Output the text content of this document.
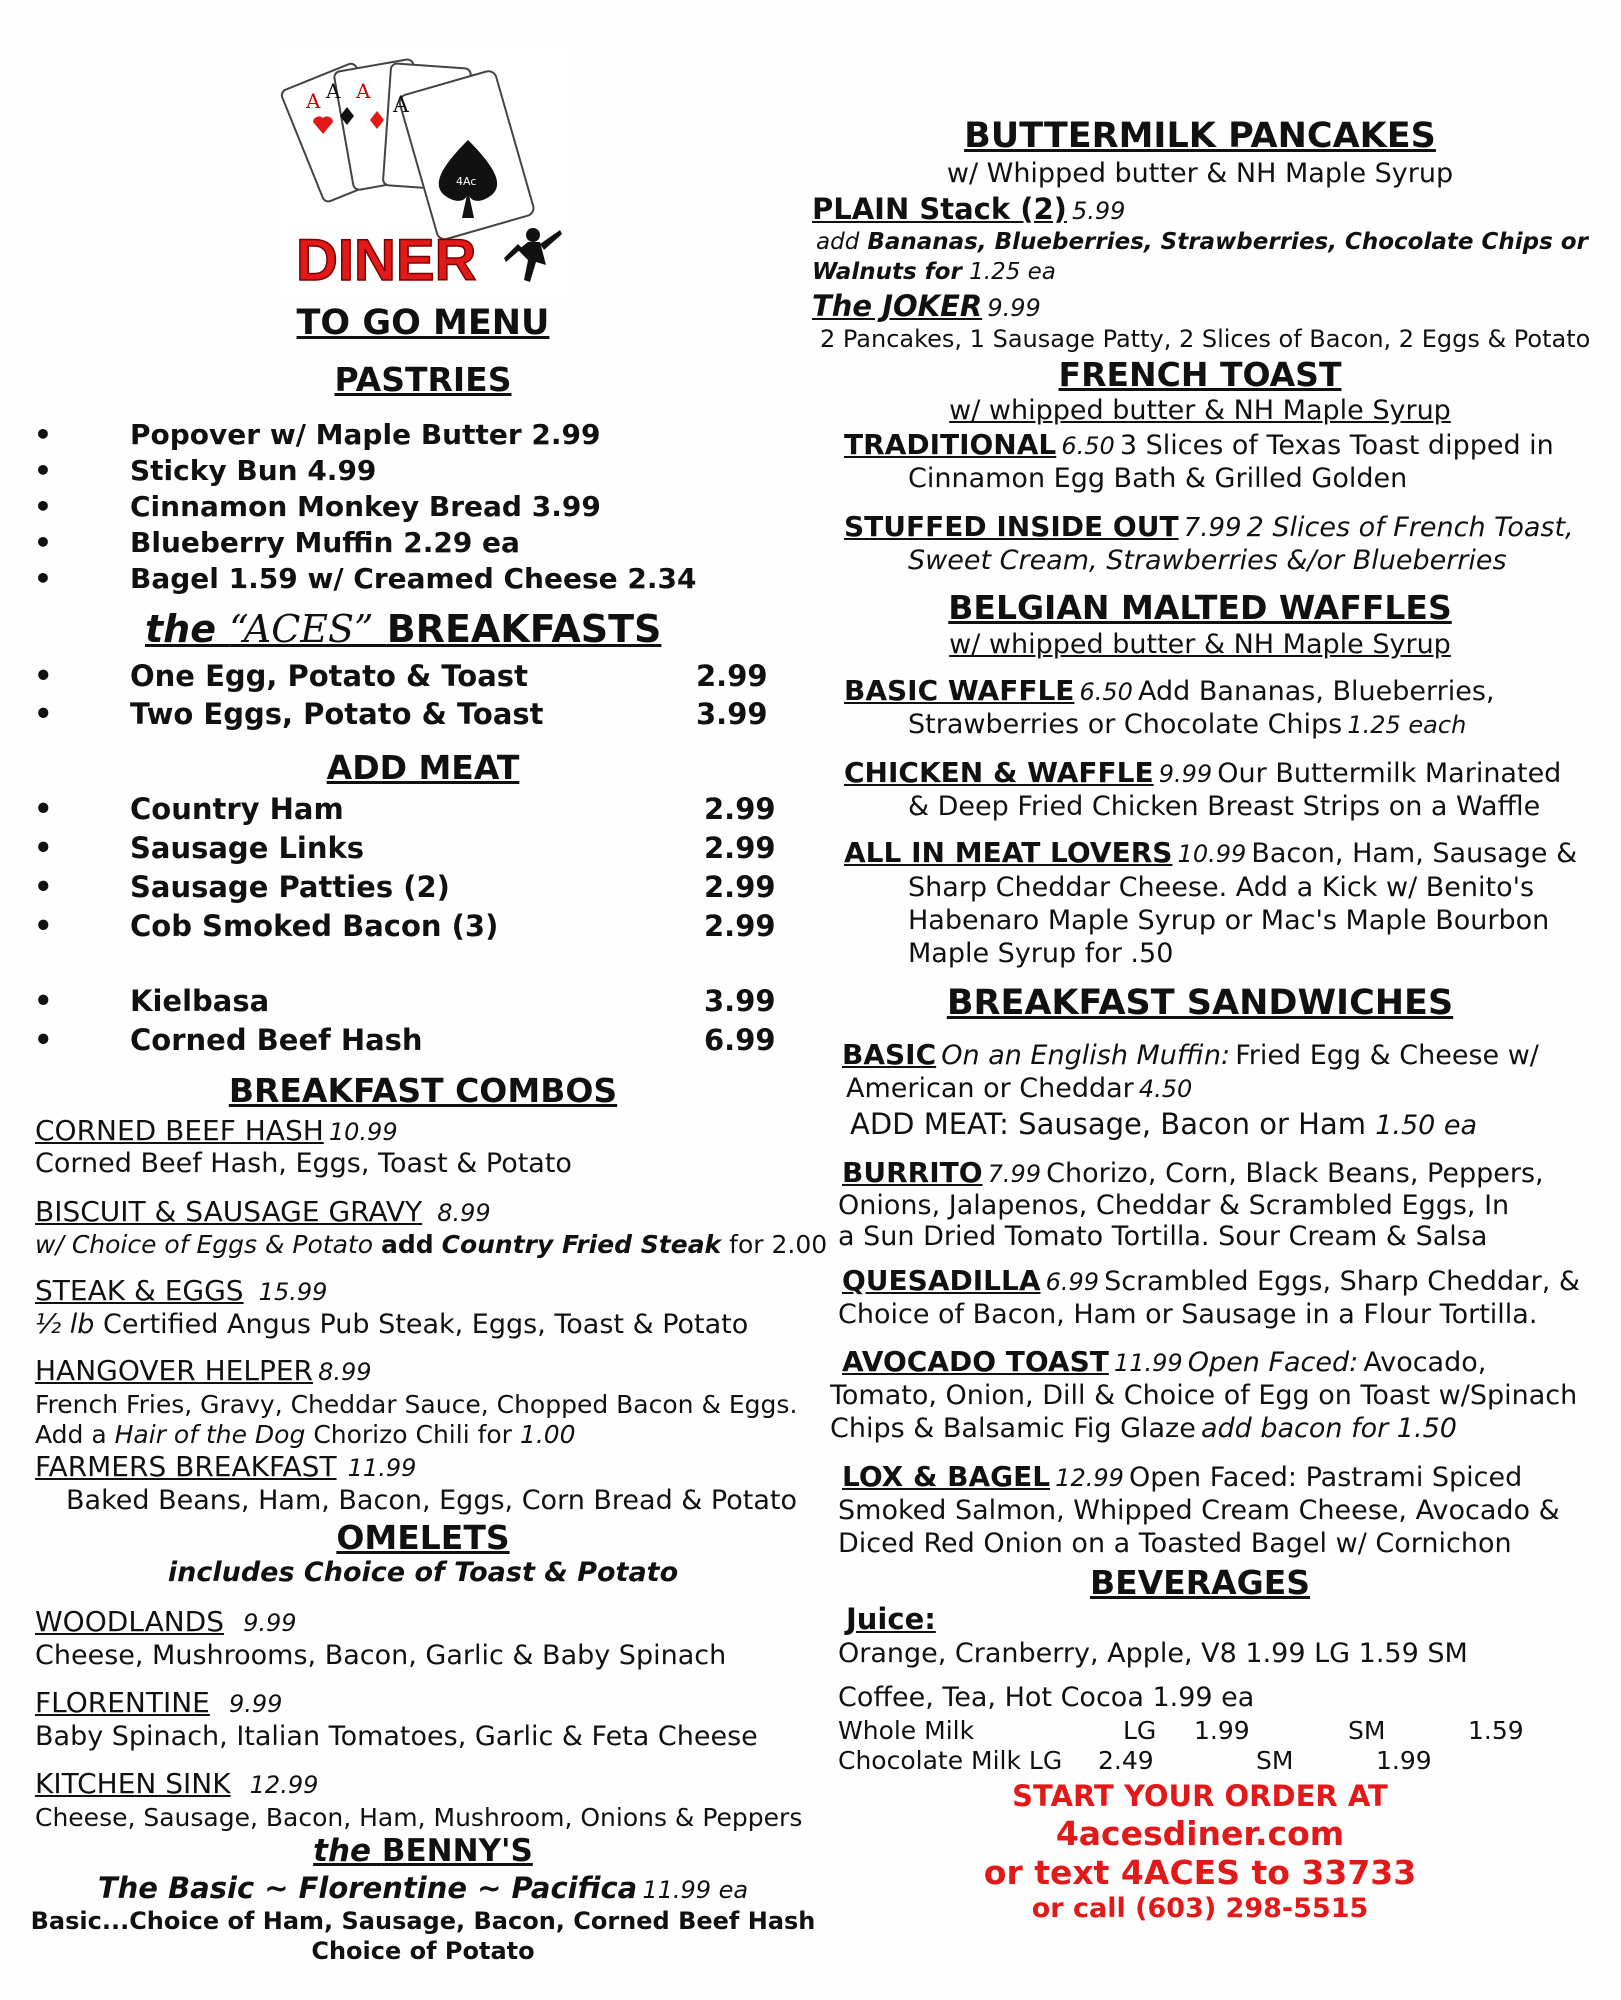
A A A
A
4Ac
DINER
TO GO MENU
PASTRIES
•	Popover w/ Maple Butter 2.99
•	Sticky Bun 4.99
•	Cinnamon Monkey Bread 3.99
•	Blueberry Muffin 2.29 ea
•	Bagel 1.59 w/ Creamed Cheese 2.34
the “ACES” BREAKFASTS
•	One Egg, Potato & Toast	2.99
•	Two Eggs, Potato & Toast	3.99
ADD MEAT
•	Country Ham	2.99
•	Sausage Links	2.99
•	Sausage Patties (2)	2.99
•	Cob Smoked Bacon (3)	2.99
•	Kielbasa	3.99
•	Corned Beef Hash	6.99
BREAKFAST COMBOS
CORNED BEEF HASH 10.99
Corned Beef Hash, Eggs, Toast & Potato
BISCUIT & SAUSAGE GRAVY 8.99
w/ Choice of Eggs & Potato add Country Fried Steak for 2.00
STEAK & EGGS 15.99
½ lb Certified Angus Pub Steak, Eggs, Toast & Potato
HANGOVER HELPER 8.99
French Fries, Gravy, Cheddar Sauce, Chopped Bacon & Eggs.
Add a Hair of the Dog Chorizo Chili for 1.00
FARMERS BREAKFAST 11.99
Baked Beans, Ham, Bacon, Eggs, Corn Bread & Potato
OMELETS
includes Choice of Toast & Potato
WOODLANDS 9.99
Cheese, Mushrooms, Bacon, Garlic & Baby Spinach
FLORENTINE 9.99
Baby Spinach, Italian Tomatoes, Garlic & Feta Cheese
KITCHEN SINK 12.99
Cheese, Sausage, Bacon, Ham, Mushroom, Onions & Peppers
the BENNY'S
The Basic ~ Florentine ~ Pacifica 11.99 ea
Basic...Choice of Ham, Sausage, Bacon, Corned Beef Hash
Choice of Potato
BUTTERMILK PANCAKES
w/ Whipped butter & NH Maple Syrup
PLAIN Stack (2) 5.99
add Bananas, Blueberries, Strawberries, Chocolate Chips or
Walnuts for 1.25 ea
The JOKER 9.99
2 Pancakes, 1 Sausage Patty, 2 Slices of Bacon, 2 Eggs & Potato
FRENCH TOAST
w/ whipped butter & NH Maple Syrup
TRADITIONAL 6.50 3 Slices of Texas Toast dipped in
Cinnamon Egg Bath & Grilled Golden
STUFFED INSIDE OUT 7.99 2 Slices of French Toast,
Sweet Cream, Strawberries &/or Blueberries
BELGIAN MALTED WAFFLES
w/ whipped butter & NH Maple Syrup
BASIC WAFFLE 6.50 Add Bananas, Blueberries,
Strawberries or Chocolate Chips 1.25 each
CHICKEN & WAFFLE 9.99 Our Buttermilk Marinated
& Deep Fried Chicken Breast Strips on a Waffle
ALL IN MEAT LOVERS 10.99 Bacon, Ham, Sausage &
Sharp Cheddar Cheese. Add a Kick w/ Benito's
Habenaro Maple Syrup or Mac's Maple Bourbon
Maple Syrup for .50
BREAKFAST SANDWICHES
BASIC On an English Muffin: Fried Egg & Cheese w/
American or Cheddar 4.50
ADD MEAT: Sausage, Bacon or Ham 1.50 ea
BURRITO 7.99 Chorizo, Corn, Black Beans, Peppers,
Onions, Jalapenos, Cheddar & Scrambled Eggs, In
a Sun Dried Tomato Tortilla. Sour Cream & Salsa
QUESADILLA 6.99 Scrambled Eggs, Sharp Cheddar, &
Choice of Bacon, Ham or Sausage in a Flour Tortilla.
AVOCADO TOAST 11.99 Open Faced: Avocado,
Tomato, Onion, Dill & Choice of Egg on Toast w/Spinach
Chips & Balsamic Fig Glaze add bacon for 1.50
LOX & BAGEL 12.99 Open Faced: Pastrami Spiced
Smoked Salmon, Whipped Cream Cheese, Avocado &
Diced Red Onion on a Toasted Bagel w/ Cornichon
BEVERAGES
Juice:
Orange, Cranberry, Apple, V8 1.99 LG 1.59 SM
Coffee, Tea, Hot Cocoa 1.99 ea
Whole Milk	LG 1.99	SM	1.59
Chocolate Milk LG 2.49	SM	1.99
START YOUR ORDER AT
4acesdiner.com
or text 4ACES to 33733
or call (603) 298-5515
